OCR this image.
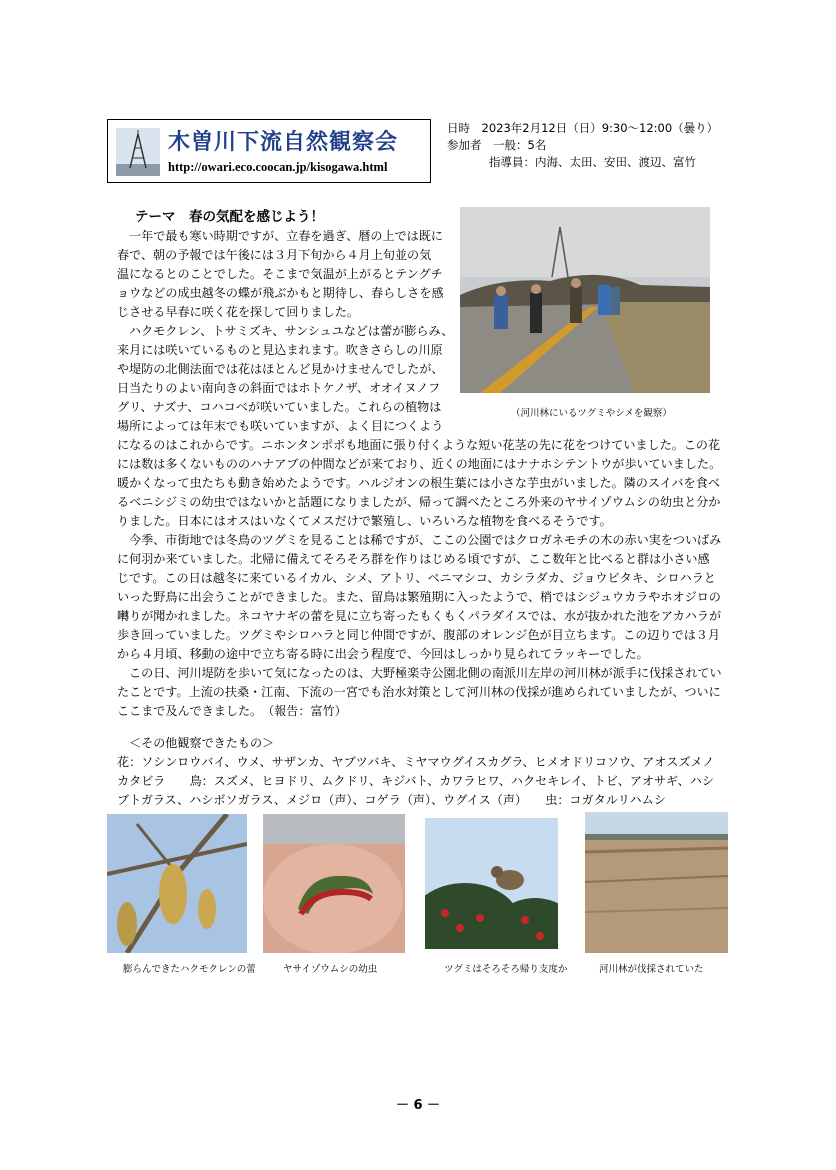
木曽川下流自然観察会
http://owari.eco.coocan.jp/kisogawa.html
日時　2023年2月12日（日）9:30〜12:00（曇り）
参加者　一般：5名
指導員：内海、太田、安田、渡辺、富竹
テーマ　春の気配を感じよう！
（河川林にいるツグミやシメを観察）
一年で最も寒い時期ですが、立春を過ぎ、暦の上では既に
春で、朝の予報では午後には３月下旬から４月上旬並の気
温になるとのことでした。そこまで気温が上がるとテングチ
ョウなどの成虫越冬の蝶が飛ぶかもと期待し、春らしさを感
じさせる早春に咲く花を探して回りました。
ハクモクレン、トサミズキ、サンシュユなどは蕾が膨らみ、
来月には咲いているものと見込まれます。吹きさらしの川原
や堤防の北側法面では花はほとんど見かけませんでしたが、
日当たりのよい南向きの斜面ではホトケノザ、オオイヌノフ
グリ、ナズナ、コハコベが咲いていました。これらの植物は
場所によっては年末でも咲いていますが、よく目につくよう
になるのはこれからです。ニホンタンポポも地面に張り付くような短い花茎の先に花をつけていました。この花
には数は多くないもののハナアブの仲間などが来ており、近くの地面にはナナホシテントウが歩いていました。
暖かくなって虫たちも動き始めたようです。ハルジオンの根生葉には小さな芋虫がいました。隣のスイバを食べ
るベニシジミの幼虫ではないかと話題になりましたが、帰って調べたところ外来のヤサイゾウムシの幼虫と分か
りました。日本にはオスはいなくてメスだけで繁殖し、いろいろな植物を食べるそうです。
今季、市街地では冬鳥のツグミを見ることは稀ですが、ここの公園ではクロガネモチの木の赤い実をついばみ
に何羽か来ていました。北帰に備えてそろそろ群を作りはじめる頃ですが、ここ数年と比べると群は小さい感
じです。この日は越冬に来ているイカル、シメ、アトリ、ベニマシコ、カシラダカ、ジョウビタキ、シロハラと
いった野鳥に出会うことができました。また、留鳥は繁殖期に入ったようで、梢ではシジュウカラやホオジロの
囀りが聞かれました。ネコヤナギの蕾を見に立ち寄ったもくもくパラダイスでは、水が抜かれた池をアカハラが
歩き回っていました。ツグミやシロハラと同じ仲間ですが、腹部のオレンジ色が目立ちます。この辺りでは３月
から４月頃、移動の途中で立ち寄る時に出会う程度で、今回はしっかり見られてラッキーでした。
この日、河川堤防を歩いて気になったのは、大野極楽寺公園北側の南派川左岸の河川林が派手に伐採されてい
たことです。上流の扶桑・江南、下流の一宮でも治水対策として河川林の伐採が進められていましたが、ついに
ここまで及んできました。　（報告：富竹）
＜その他観察できたもの＞
花：ソシンロウバイ、ウメ、サザンカ、ヤブツバキ、ミヤマウグイスカグラ、ヒメオドリコソウ、アオスズメノ
カタビラ　　鳥：スズメ、ヒヨドリ、ムクドリ、キジバト、カワラヒワ、ハクセキレイ、トビ、アオサギ、ハシ
ブトガラス、ハシボソガラス、メジロ（声）、コゲラ（声）、ウグイス（声）　　虫：コガタルリハムシ
膨らんできたハクモクレンの蕾	ヤサイゾウムシの幼虫	ツグミはそろそろ帰り支度か	河川林が伐採されていた
－ 6 －
